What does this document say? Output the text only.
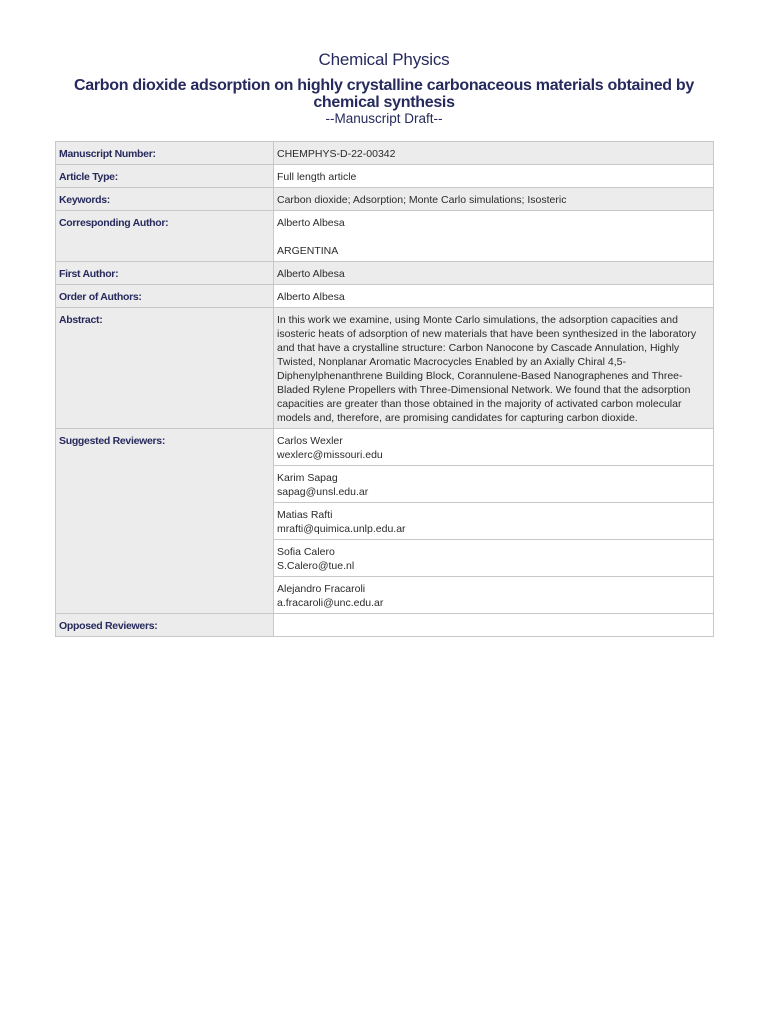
Chemical Physics
Carbon dioxide adsorption on highly crystalline carbonaceous materials obtained by chemical synthesis
--Manuscript Draft--
Manuscript Number:	CHEMPHYS-D-22-00342
Article Type:	Full length article
Keywords:	Carbon dioxide; Adsorption; Monte Carlo simulations; Isosteric
Corresponding Author:	Alberto Albesa
ARGENTINA

First Author:	Alberto Albesa
Order of Authors:	Alberto Albesa
Abstract:	In this work we examine, using Monte Carlo simulations, the adsorption capacities and isosteric heats of adsorption of new materials that have been synthesized in the laboratory and that have a crystalline structure: Carbon Nanocone by Cascade Annulation, Highly Twisted, Nonplanar Aromatic Macrocycles Enabled by an Axially Chiral 4,5-Diphenylphenanthrene Building Block, Corannulene-Based Nanographenes and Three-Bladed Rylene Propellers with Three-Dimensional Network. We found that the adsorption capacities are greater than those obtained in the majority of activated carbon molecular models and, therefore, are promising candidates for capturing carbon dioxide.
Suggested Reviewers:	Carlos Wexler
wexlerc@missouri.edu

	Karim Sapag
sapag@unsl.edu.ar

	Matias Rafti
mrafti@quimica.unlp.edu.ar

	Sofia Calero
S.Calero@tue.nl

	Alejandro Fracaroli
a.fracaroli@unc.edu.ar

Opposed Reviewers:	
